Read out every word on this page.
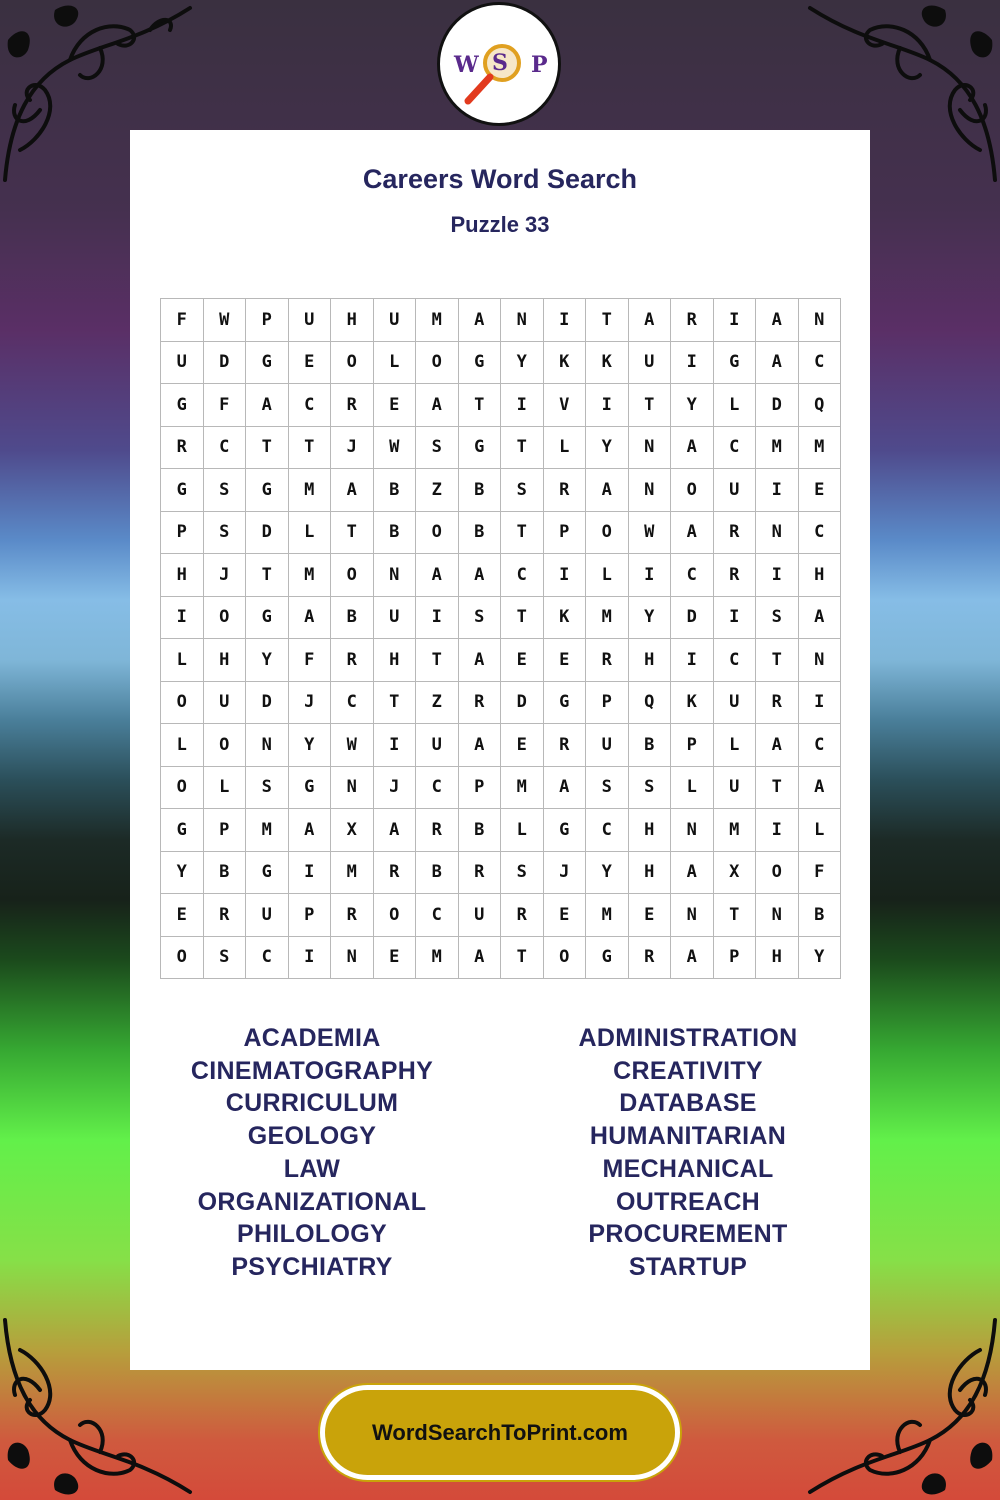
W S P
Careers Word Search
Puzzle 33
F	W	P	U	H	U	M	A	N	I	T	A	R	I	A	N
U	D	G	E	O	L	O	G	Y	K	K	U	I	G	A	C
G	F	A	C	R	E	A	T	I	V	I	T	Y	L	D	Q
R	C	T	T	J	W	S	G	T	L	Y	N	A	C	M	M
G	S	G	M	A	B	Z	B	S	R	A	N	O	U	I	E
P	S	D	L	T	B	O	B	T	P	O	W	A	R	N	C
H	J	T	M	O	N	A	A	C	I	L	I	C	R	I	H
I	O	G	A	B	U	I	S	T	K	M	Y	D	I	S	A
L	H	Y	F	R	H	T	A	E	E	R	H	I	C	T	N
O	U	D	J	C	T	Z	R	D	G	P	Q	K	U	R	I
L	O	N	Y	W	I	U	A	E	R	U	B	P	L	A	C
O	L	S	G	N	J	C	P	M	A	S	S	L	U	T	A
G	P	M	A	X	A	R	B	L	G	C	H	N	M	I	L
Y	B	G	I	M	R	B	R	S	J	Y	H	A	X	O	F
E	R	U	P	R	O	C	U	R	E	M	E	N	T	N	B
O	S	C	I	N	E	M	A	T	O	G	R	A	P	H	Y
ACADEMIA
CINEMATOGRAPHY
CURRICULUM
GEOLOGY
LAW
ORGANIZATIONAL
PHILOLOGY
PSYCHIATRY
ADMINISTRATION
CREATIVITY
DATABASE
HUMANITARIAN
MECHANICAL
OUTREACH
PROCUREMENT
STARTUP
WordSearchToPrint.com
